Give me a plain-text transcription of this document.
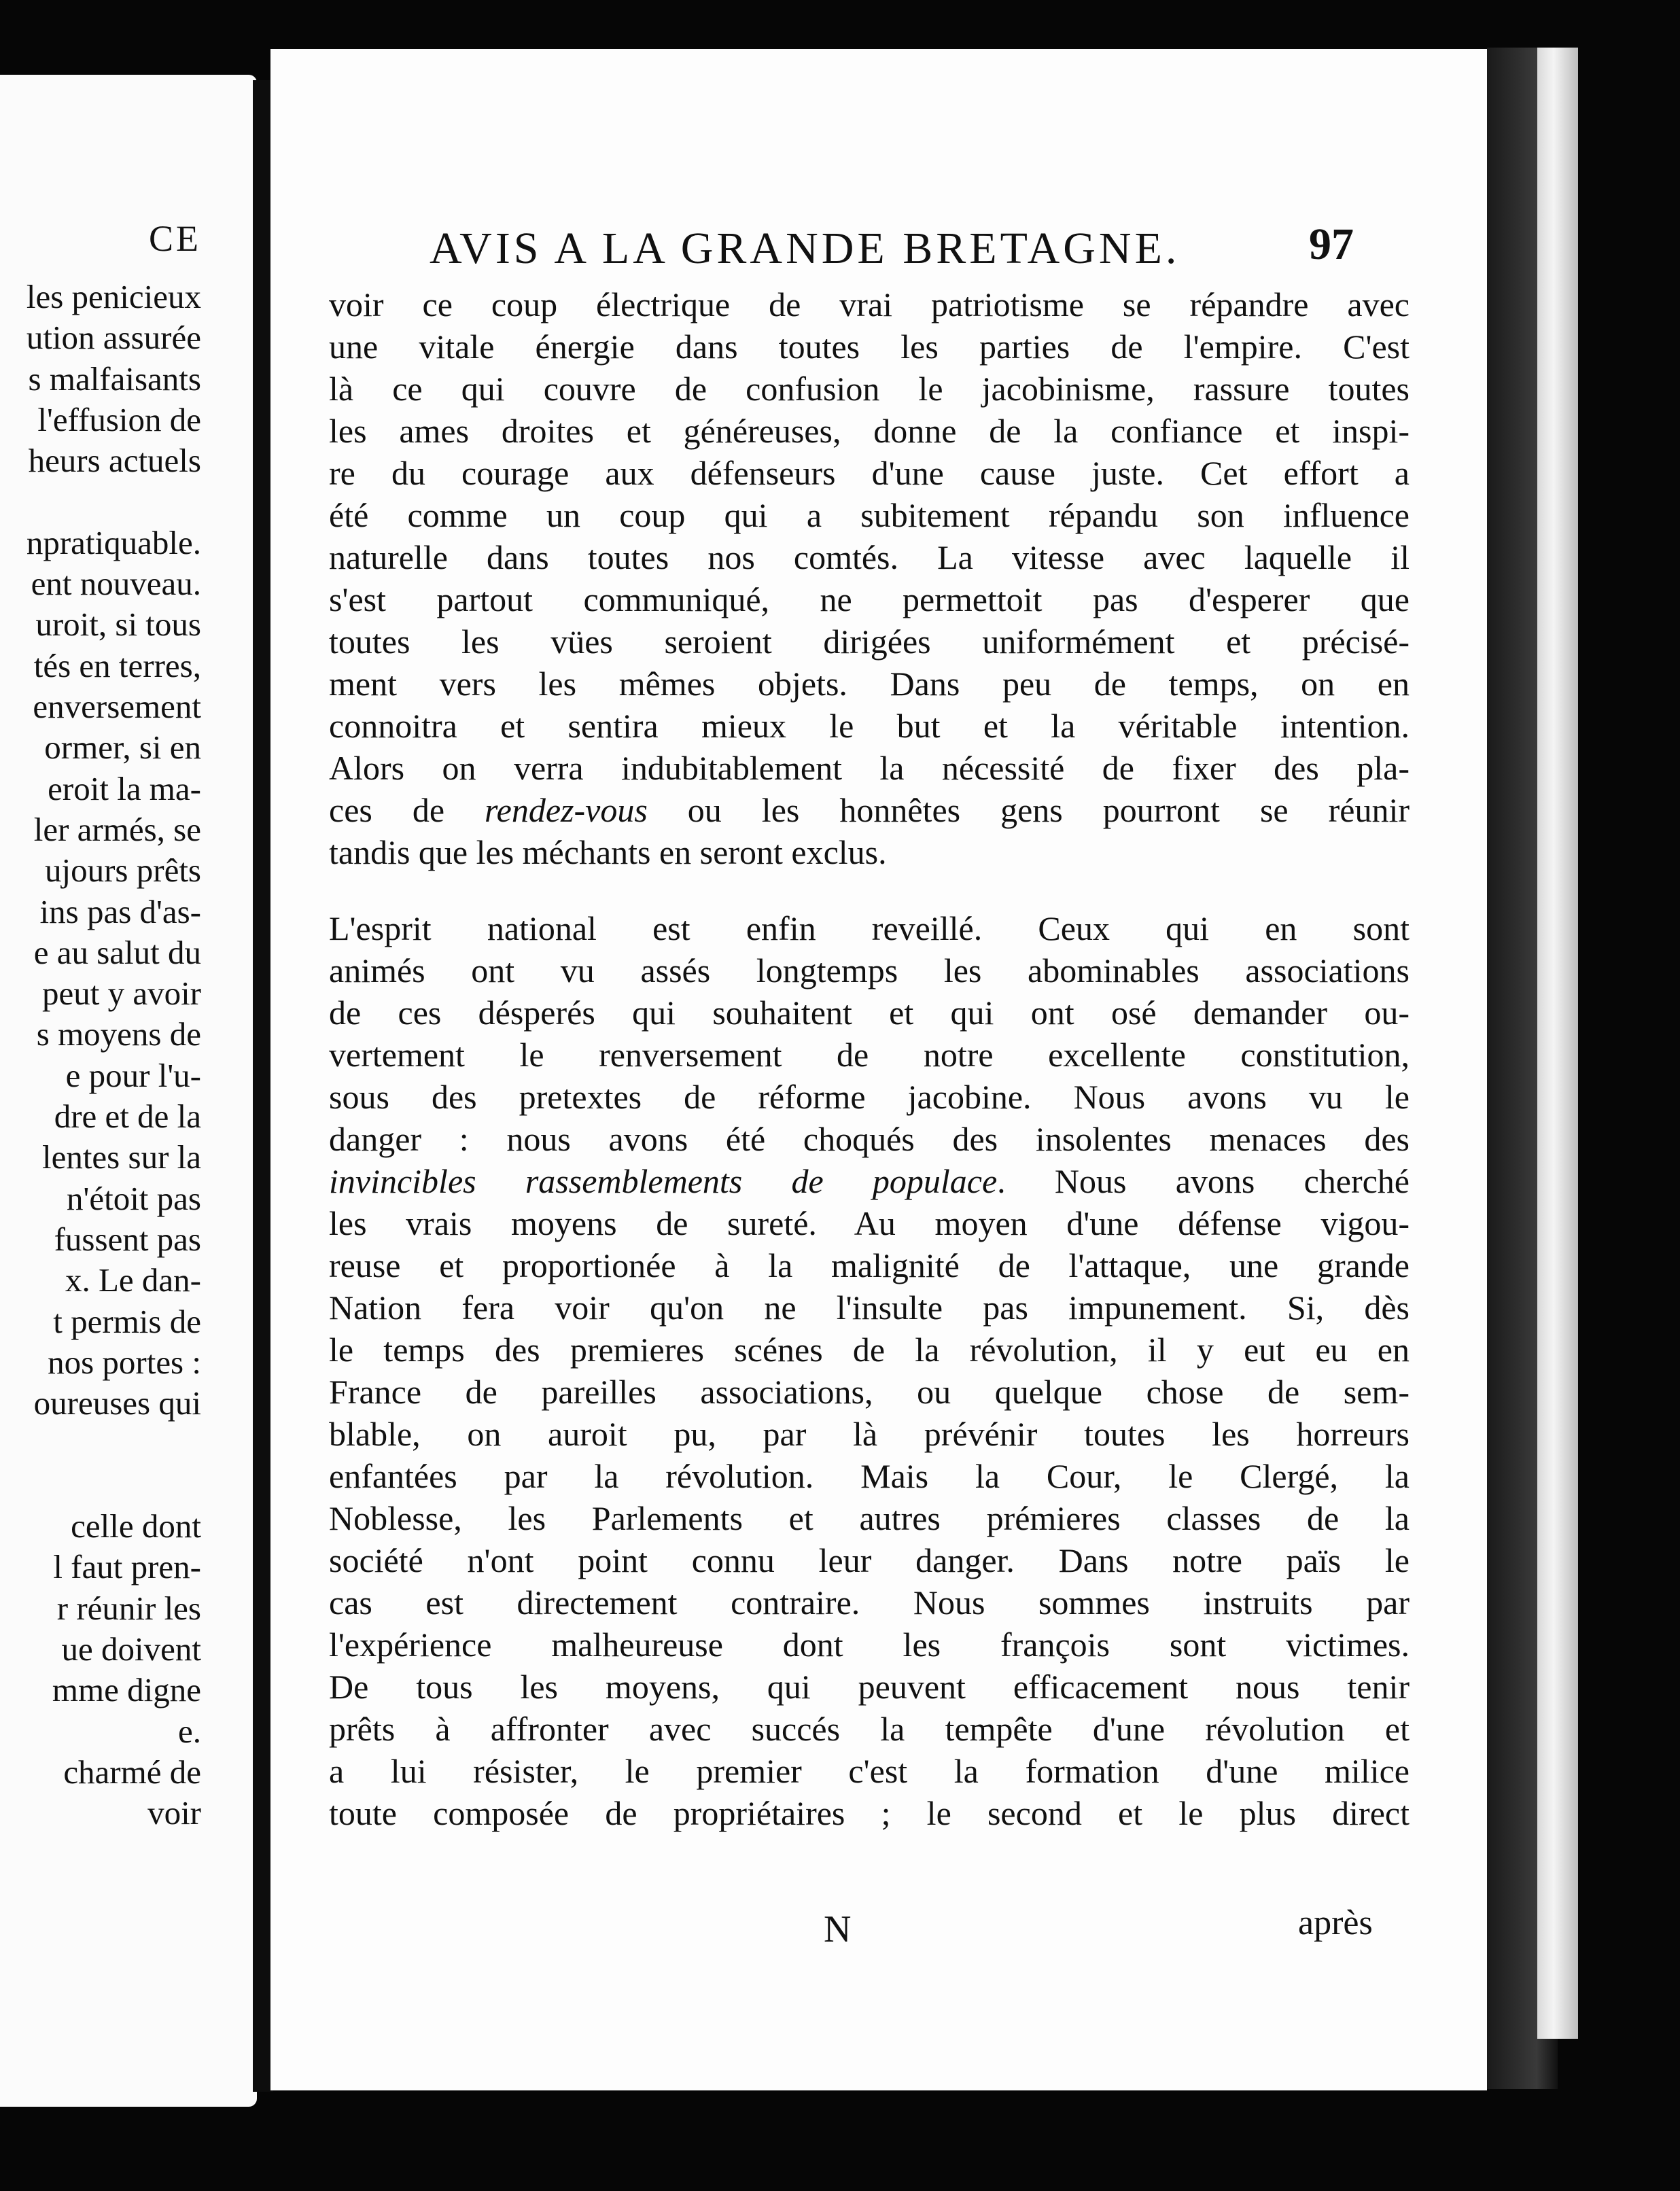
CE
les penicieux
ution assurée
s malfaisants
l'effusion de
heurs actuels
npratiquable.
ent nouveau.
uroit, si tous
tés en terres,
enversement
ormer, si en
eroit la ma-
ler armés, se
ujours prêts
ins pas d'as-
e au salut du
peut y avoir
s moyens de
e pour l'u-
dre et de la
lentes sur la
n'étoit pas
fussent pas
x. Le dan-
t permis de
nos portes :
oureuses qui
celle dont
l faut pren-
r réunir les
ue doivent
mme digne
e.
charmé de
voir
AVIS A LA GRANDE BRETAGNE.	97
voir ce coup électrique de vrai patriotisme se répandre avec
une vitale énergie dans toutes les parties de l'empire. C'est
là ce qui couvre de confusion le jacobinisme, rassure toutes
les ames droites et généreuses, donne de la confiance et inspi-
re du courage aux défenseurs d'une cause juste. Cet effort a
été comme un coup qui a subitement répandu son influence
naturelle dans toutes nos comtés. La vitesse avec laquelle il
s'est partout communiqué, ne permettoit pas d'esperer que
toutes les vües seroient dirigées uniformément et précisé-
ment vers les mêmes objets. Dans peu de temps, on en
connoitra et sentira mieux le but et la véritable intention.
Alors on verra indubitablement la nécessité de fixer des pla-
ces de rendez-vous ou les honnêtes gens pourront se réunir
tandis que les méchants en seront exclus.
L'esprit national est enfin reveillé. Ceux qui en sont
animés ont vu assés longtemps les abominables associations
de ces désperés qui souhaitent et qui ont osé demander ou-
vertement le renversement de notre excellente constitution,
sous des pretextes de réforme jacobine. Nous avons vu le
danger : nous avons été choqués des insolentes menaces des
invincibles rassemblements de populace. Nous avons cherché
les vrais moyens de sureté. Au moyen d'une défense vigou-
reuse et proportionée à la malignité de l'attaque, une grande
Nation fera voir qu'on ne l'insulte pas impunement. Si, dès
le temps des premieres scénes de la révolution, il y eut eu en
France de pareilles associations, ou quelque chose de sem-
blable, on auroit pu, par là prévénir toutes les horreurs
enfantées par la révolution. Mais la Cour, le Clergé, la
Noblesse, les Parlements et autres prémieres classes de la
société n'ont point connu leur danger. Dans notre païs le
cas est directement contraire. Nous sommes instruits par
l'expérience malheureuse dont les françois sont victimes.
De tous les moyens, qui peuvent efficacement nous tenir
prêts à affronter avec succés la tempête d'une révolution et
a lui résister, le premier c'est la formation d'une milice
toute composée de propriétaires ; le second et le plus direct
N	après
